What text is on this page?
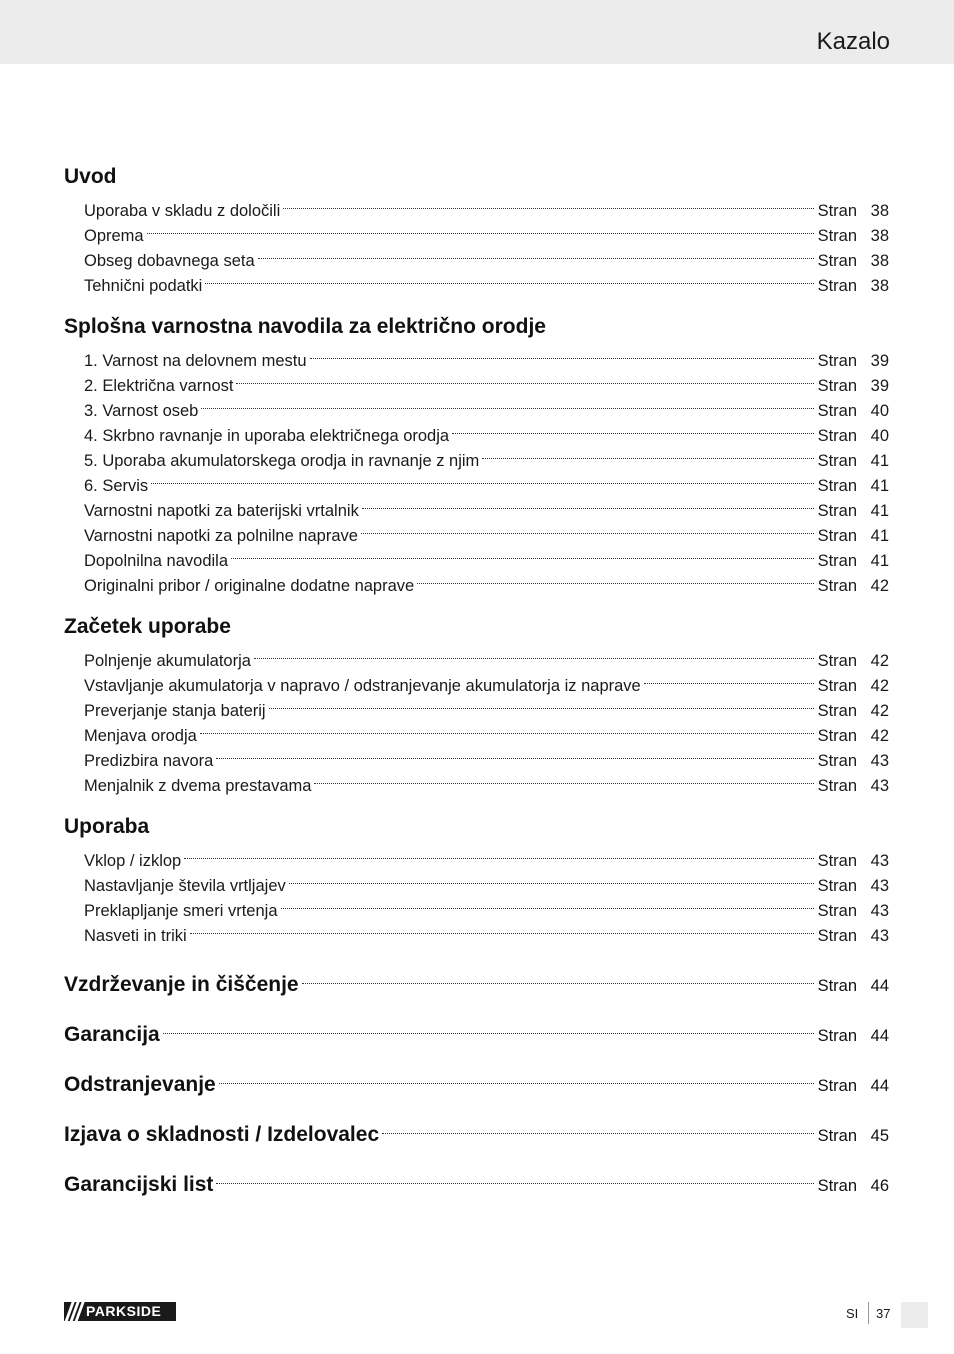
Kazalo
Uvod
Uporaba v skladu z določili	Stran 38
Oprema	Stran 38
Obseg dobavnega seta	Stran 38
Tehnični podatki	Stran 38
Splošna varnostna navodila za električno orodje
1. Varnost na delovnem mestu	Stran 39
2. Električna varnost	Stran 39
3. Varnost oseb	Stran 40
4. Skrbno ravnanje in uporaba električnega orodja	Stran 40
5. Uporaba akumulatorskega orodja in ravnanje z njim	Stran 41
6. Servis	Stran 41
Varnostni napotki za baterijski vrtalnik	Stran 41
Varnostni napotki za polnilne naprave	Stran 41
Dopolnilna navodila	Stran 41
Originalni pribor / originalne dodatne naprave	Stran 42
Začetek uporabe
Polnjenje akumulatorja	Stran 42
Vstavljanje akumulatorja v napravo / odstranjevanje akumulatorja iz naprave	Stran 42
Preverjanje stanja baterij	Stran 42
Menjava orodja	Stran 42
Predizbira navora	Stran 43
Menjalnik z dvema prestavama	Stran 43
Uporaba
Vklop / izklop	Stran 43
Nastavljanje števila vrtljajev	Stran 43
Preklapljanje smeri vrtenja	Stran 43
Nasveti in triki	Stran 43
Vzdrževanje in čiščenje	Stran 44
Garancija	Stran 44
Odstranjevanje	Stran 44
Izjava o skladnosti / Izdelovalec	Stran 45
Garancijski list	Stran 46
PARKSIDE	SI 37
